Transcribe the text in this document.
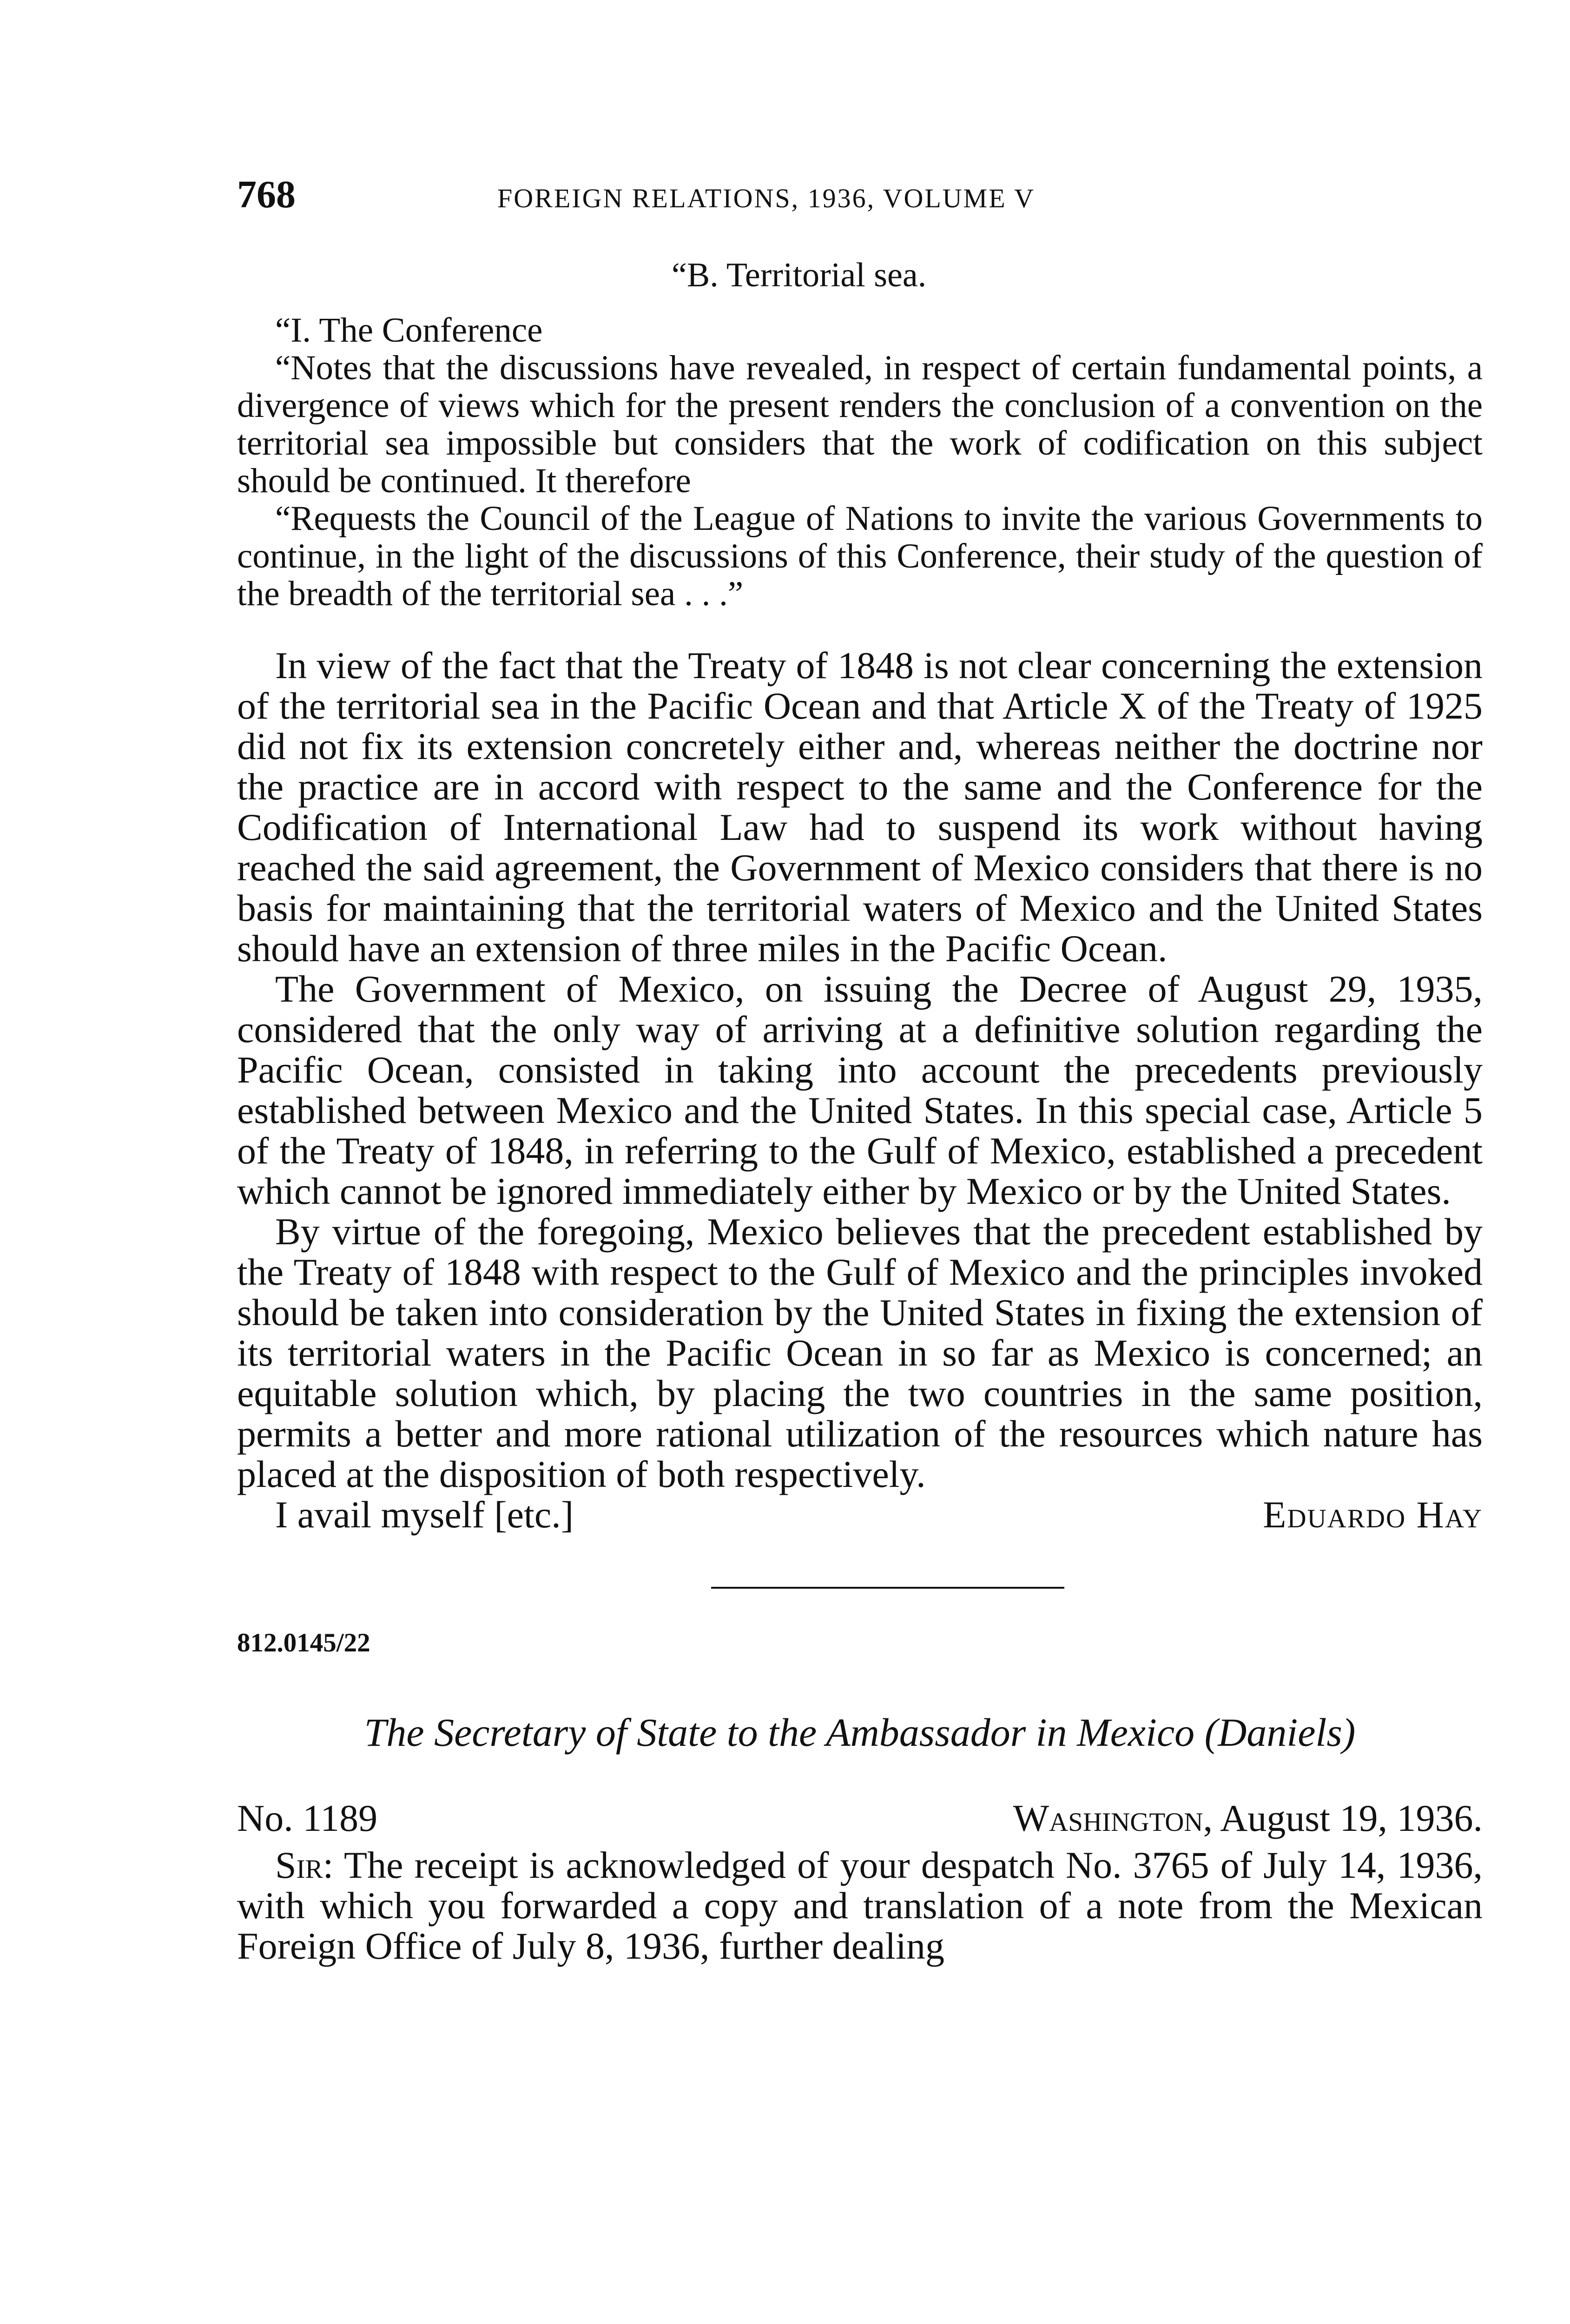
768	FOREIGN RELATIONS, 1936, VOLUME V
“B. Territorial sea.

“I. The Conference

“Notes that the discussions have revealed, in respect of certain fundamental points, a divergence of views which for the present renders the conclusion of a convention on the territorial sea impossible but considers that the work of codification on this subject should be continued. It therefore

“Requests the Council of the League of Nations to invite the various Governments to continue, in the light of the discussions of this Conference, their study of the question of the breadth of the territorial sea . . .”

In view of the fact that the Treaty of 1848 is not clear concerning the extension of the territorial sea in the Pacific Ocean and that Article X of the Treaty of 1925 did not fix its extension concretely either and, whereas neither the doctrine nor the practice are in accord with respect to the same and the Conference for the Codification of International Law had to suspend its work without having reached the said agreement, the Government of Mexico considers that there is no basis for maintaining that the territorial waters of Mexico and the United States should have an extension of three miles in the Pacific Ocean.

The Government of Mexico, on issuing the Decree of August 29, 1935, considered that the only way of arriving at a definitive solution regarding the Pacific Ocean, consisted in taking into account the precedents previously established between Mexico and the United States. In this special case, Article 5 of the Treaty of 1848, in referring to the Gulf of Mexico, established a precedent which cannot be ignored immediately either by Mexico or by the United States.

By virtue of the foregoing, Mexico believes that the precedent established by the Treaty of 1848 with respect to the Gulf of Mexico and the principles invoked should be taken into consideration by the United States in fixing the extension of its territorial waters in the Pacific Ocean in so far as Mexico is concerned; an equitable solution which, by placing the two countries in the same position, permits a better and more rational utilization of the resources which nature has placed at the disposition of both respectively.

I avail myself [etc.]	Eduardo Hay
812.0145/22
The Secretary of State to the Ambassador in Mexico (Daniels)
No. 1189	Washington, August 19, 1936.

Sir: The receipt is acknowledged of your despatch No. 3765 of July 14, 1936, with which you forwarded a copy and translation of a note from the Mexican Foreign Office of July 8, 1936, further dealing
